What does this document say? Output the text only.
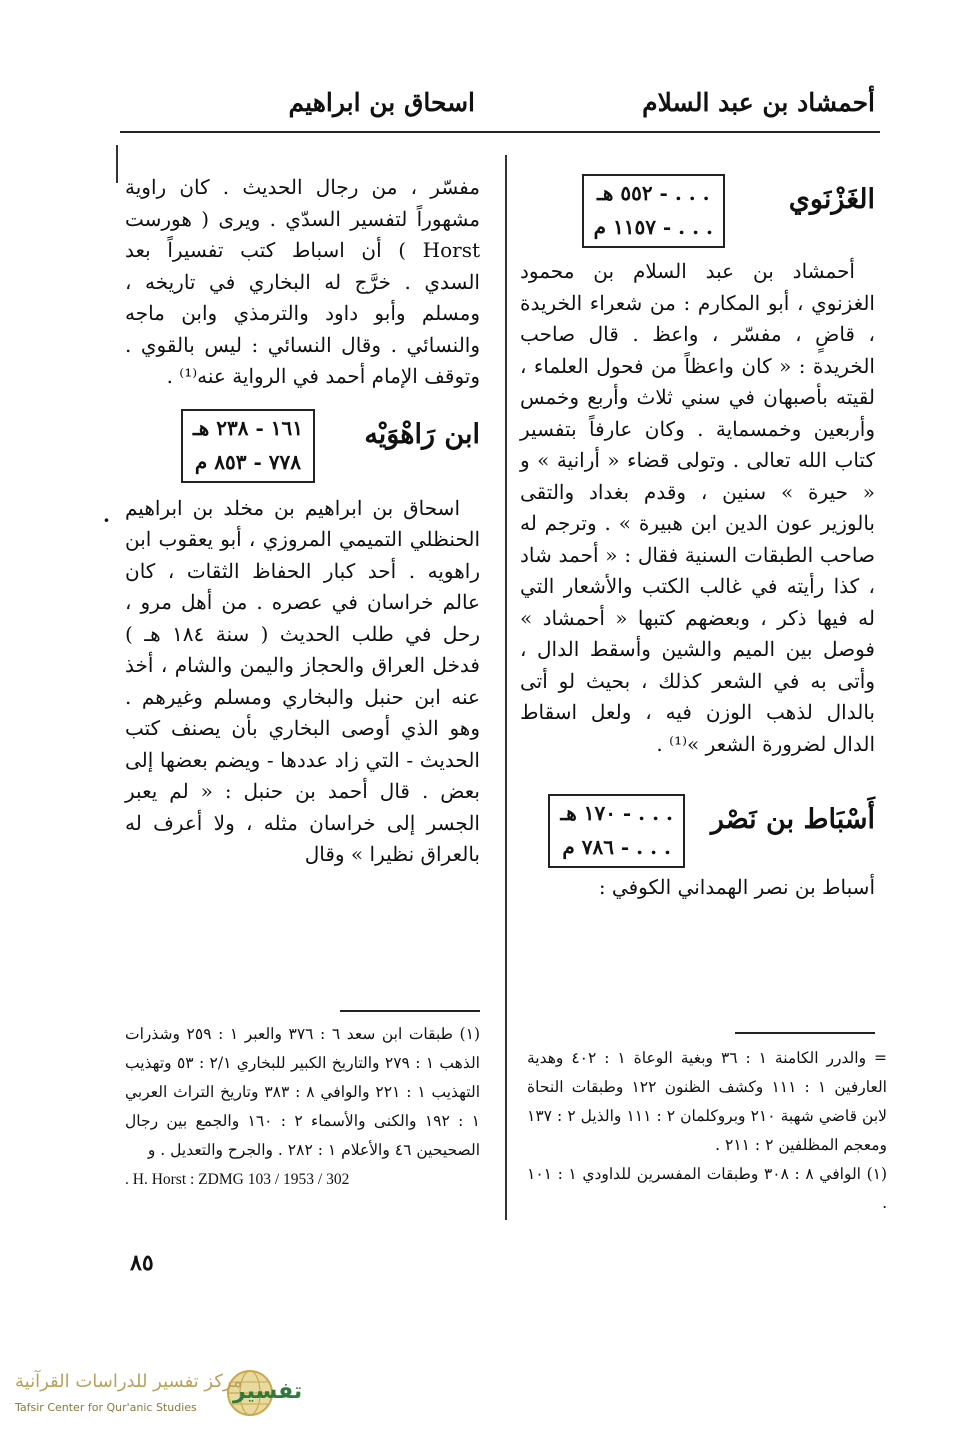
أحمشاد بن عبد السلام
اسحاق بن ابراهيم
·
الغَزْنَوي
. . . - ٥٥٢ هـ
. . . - ١١٥٧ م

أحمشاد بن عبد السلام بن محمود الغزنوي ، أبو المكارم : من شعراء الخريدة ، قاضٍ ، مفسّر ، واعظ . قال صاحب الخريدة : « كان واعظاً من فحول العلماء ، لقيته بأصبهان في سني ثلاث وأربع وخمس وأربعين وخمسماية . وكان عارفاً بتفسير كتاب الله تعالى . وتولى قضاء « أرانية » و « حيرة » سنين ، وقدم بغداد والتقى بالوزير عون الدين ابن هبيرة » . وترجم له صاحب الطبقات السنية فقال : « أحمد شاد ، كذا رأيته في غالب الكتب والأشعار التي له فيها ذكر ، وبعضهم كتبها « أحمشاد » فوصل بين الميم والشين وأسقط الدال ، وأتى به في الشعر كذلك ، بحيث لو أتى بالدال لذهب الوزن فيه ، ولعل اسقاط الدال لضرورة الشعر »⁽¹⁾ .

أَسْبَاط بن نَصْر
. . . - ١٧٠ هـ
. . . - ٧٨٦ م

أسباط بن نصر الهمداني الكوفي :

= والدرر الكامنة ١ : ٣٦ وبغية الوعاة ١ : ٤٠٢ وهدية العارفين ١ : ١١١ وكشف الظنون ١٢٢ وطبقات النحاة لابن قاضي شهبة ٢١٠ وبروكلمان ٢ : ١١١ والذيل ٢ : ١٣٧ ومعجم المظلفين ٢ : ٢١١ .

(١) الوافي ٨ : ٣٠٨ وطبقات المفسرين للداودي ١ : ١٠١ .

مفسّر ، من رجال الحديث . كان راوية مشهوراً لتفسير السدّي . ويرى ( هورست Horst ) أن اسباط كتب تفسيراً بعد السدي . خرَّج له البخاري في تاريخه ، ومسلم وأبو داود والترمذي وابن ماجه والنسائي . وقال النسائي : ليس بالقوي . وتوقف الإمام أحمد في الرواية عنه⁽¹⁾ .

ابن رَاهْوَيْه
١٦١ - ٢٣٨ هـ
٧٧٨ - ٨٥٣ م

اسحاق بن ابراهيم بن مخلد بن ابراهيم الحنظلي التميمي المروزي ، أبو يعقوب ابن راهويه . أحد كبار الحفاظ الثقات ، كان عالم خراسان في عصره . من أهل مرو ، رحل في طلب الحديث ( سنة ١٨٤ هـ ) فدخل العراق والحجاز واليمن والشام ، أخذ عنه ابن حنبل والبخاري ومسلم وغيرهم . وهو الذي أوصى البخاري بأن يصنف كتب الحديث - التي زاد عددها - ويضم بعضها إلى بعض . قال أحمد بن حنبل : « لم يعبر الجسر إلى خراسان مثله ، ولا أعرف له بالعراق نظيرا » وقال

(١) طبقات ابن سعد ٦ : ٣٧٦ والعبر ١ : ٢٥٩ وشذرات الذهب ١ : ٢٧٩ والتاريخ الكبير للبخاري ٢/١ : ٥٣ وتهذيب التهذيب ١ : ٢٢١ والوافي ٨ : ٣٨٣ وتاريخ التراث العربي ١ : ١٩٢ والكنى والأسماء ٢ : ١٦٠ والجمع بين رجال الصحيحين ٤٦ والأعلام ١ : ٢٨٢ . والجرح والتعديل . و

. H. Horst : ZDMG 103 / 1953 / 302

٨٥
تفسير
مركز تفسير للدراسات القرآنية
Tafsir Center for Qur'anic Studies
